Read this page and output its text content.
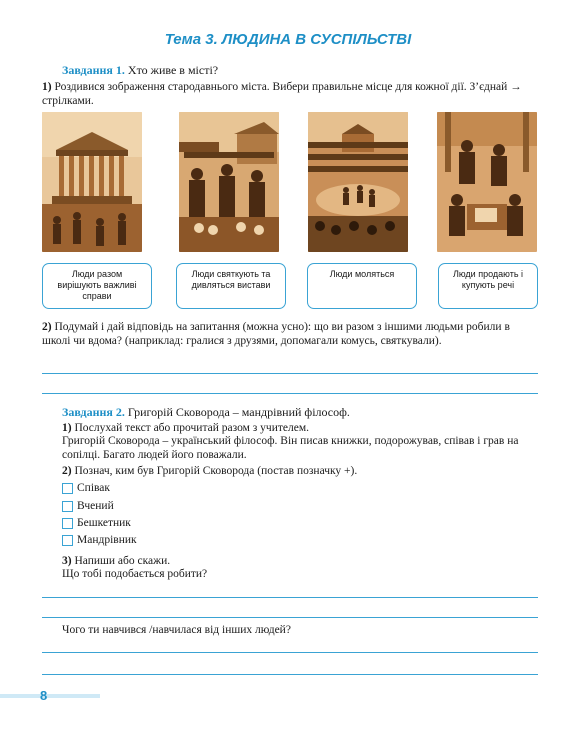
Тема 3. ЛЮДИНА В СУСПІЛЬСТВІ
Завдання 1. Хто живе в місті?
1) Роздивися зображення стародавнього міста. Вибери правильне місце для кожної дії. З’єднай → стрілками.
Люди разом вирішують важливі справи
Люди святкують та дивляться вистави
Люди моляться	Люди продають і купують речі
2) Подумай і дай відповідь на запитання (можна усно): що ви разом з іншими людьми робили в школі чи вдома? (наприклад: гралися з друзями, допомагали комусь, святкували).
Завдання 2. Григорій Сковорода – мандрівний філософ.
1) Послухай текст або прочитай разом з учителем.
Григорій Сковорода – український філософ. Він писав книжки, подорожував, співав і грав на сопілці. Багато людей його поважали.
2) Познач, ким був Григорій Сковорода (постав позначку +).
Співак
Вчений
Бешкетник
Мандрівник
3) Напиши або скажи.
Що тобі подобається робити?
Чого ти навчився /навчилася від інших людей?
8
